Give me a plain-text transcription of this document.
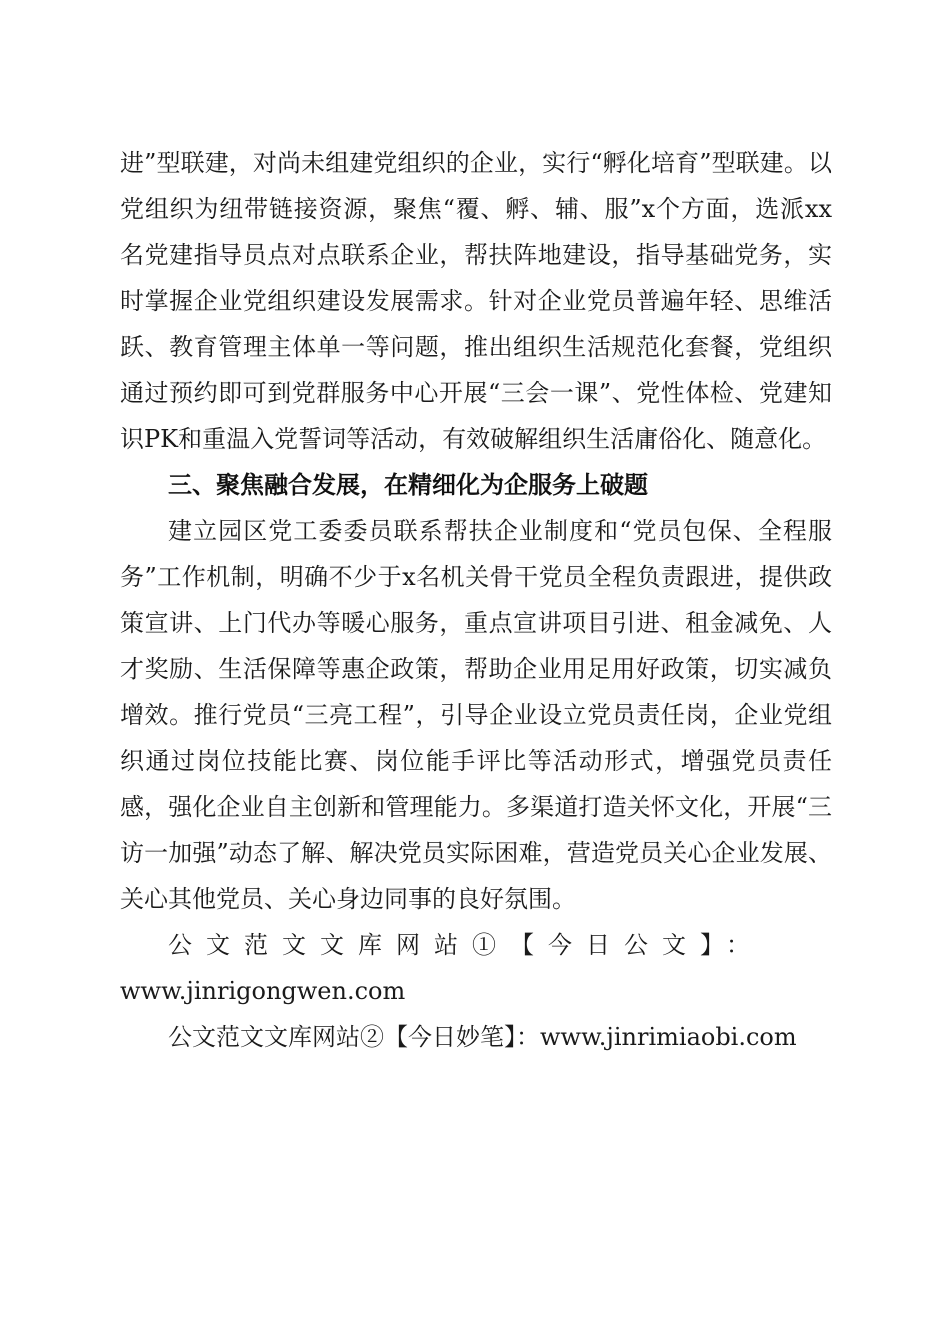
进”型联建，对尚未组建党组织的企业，实行“孵化培育”型联建。以党组织为纽带链接资源，聚焦“覆、孵、辅、服”x个方面，选派xx名党建指导员点对点联系企业，帮扶阵地建设，指导基础党务，实时掌握企业党组织建设发展需求。针对企业党员普遍年轻、思维活跃、教育管理主体单一等问题，推出组织生活规范化套餐，党组织通过预约即可到党群服务中心开展“三会一课”、党性体检、党建知识PK和重温入党誓词等活动，有效破解组织生活庸俗化、随意化。

三、聚焦融合发展，在精细化为企服务上破题

建立园区党工委委员联系帮扶企业制度和“党员包保、全程服务”工作机制，明确不少于x名机关骨干党员全程负责跟进，提供政策宣讲、上门代办等暖心服务，重点宣讲项目引进、租金减免、人才奖励、生活保障等惠企政策，帮助企业用足用好政策，切实减负增效。推行党员“三亮工程”，引导企业设立党员责任岗，企业党组织通过岗位技能比赛、岗位能手评比等活动形式，增强党员责任感，强化企业自主创新和管理能力。多渠道打造关怀文化，开展“三访一加强”动态了解、解决党员实际困难，营造党员关心企业发展、关心其他党员、关心身边同事的良好氛围。

公文范文文库网站①【今日公文】：

www.jinrigongwen.com

公文范文文库网站②【今日妙笔】：www.jinrimiaobi.com
